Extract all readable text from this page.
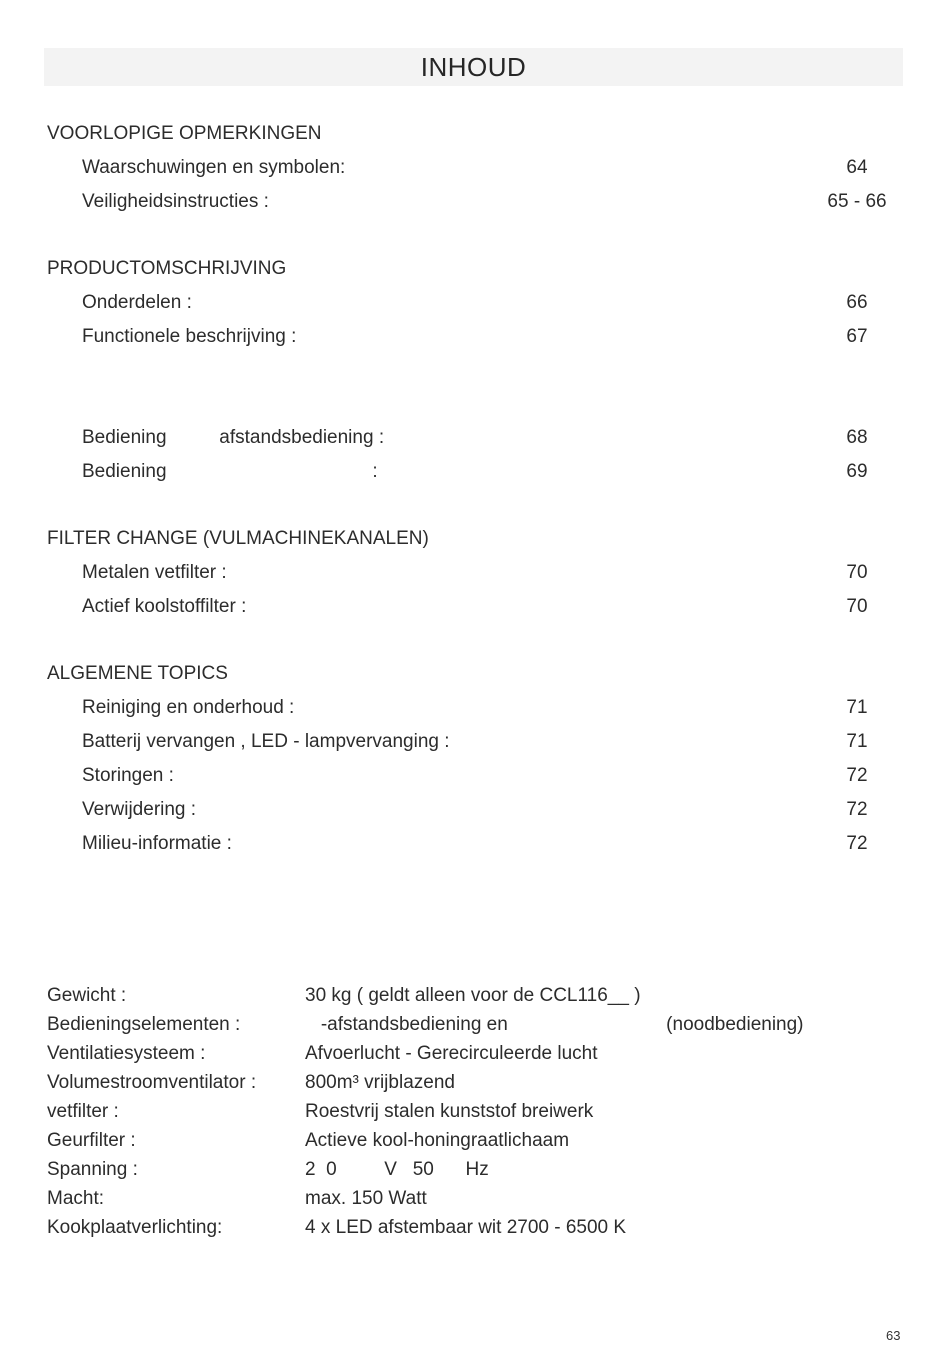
INHOUD
VOORLOPIGE OPMERKINGEN
Waarschuwingen en symbolen:	64
Veiligheidsinstructies :	65 - 66
PRODUCTOMSCHRIJVING
Onderdelen :	66
Functionele beschrijving :	67
Bediening          afstandsbediening :	68
Bediening                                       :	69
FILTER CHANGE (VULMACHINEKANALEN)
Metalen vetfilter :	70
Actief koolstoffilter :	70
ALGEMENE TOPICS
Reiniging en onderhoud :	71
Batterij vervangen , LED - lampvervanging :	71
Storingen :	72
Verwijdering :	72
Milieu-informatie :	72
Gewicht :	30 kg ( geldt alleen voor de CCL116__ )
Bedieningselementen :	-afstandsbediening en                              (noodbediening)
Ventilatiesysteem :	Afvoerlucht - Gerecirculeerde lucht
Volumestroomventilator :	800m³ vrijblazend
vetfilter :	Roestvrij stalen kunststof breiwerk
Geurfilter :	Actieve kool-honingraatlichaam
Spanning :	2  0         V   50      Hz
Macht:	max. 150 Watt
Kookplaatverlichting:	4 x LED afstembaar wit 2700 - 6500 K
63
